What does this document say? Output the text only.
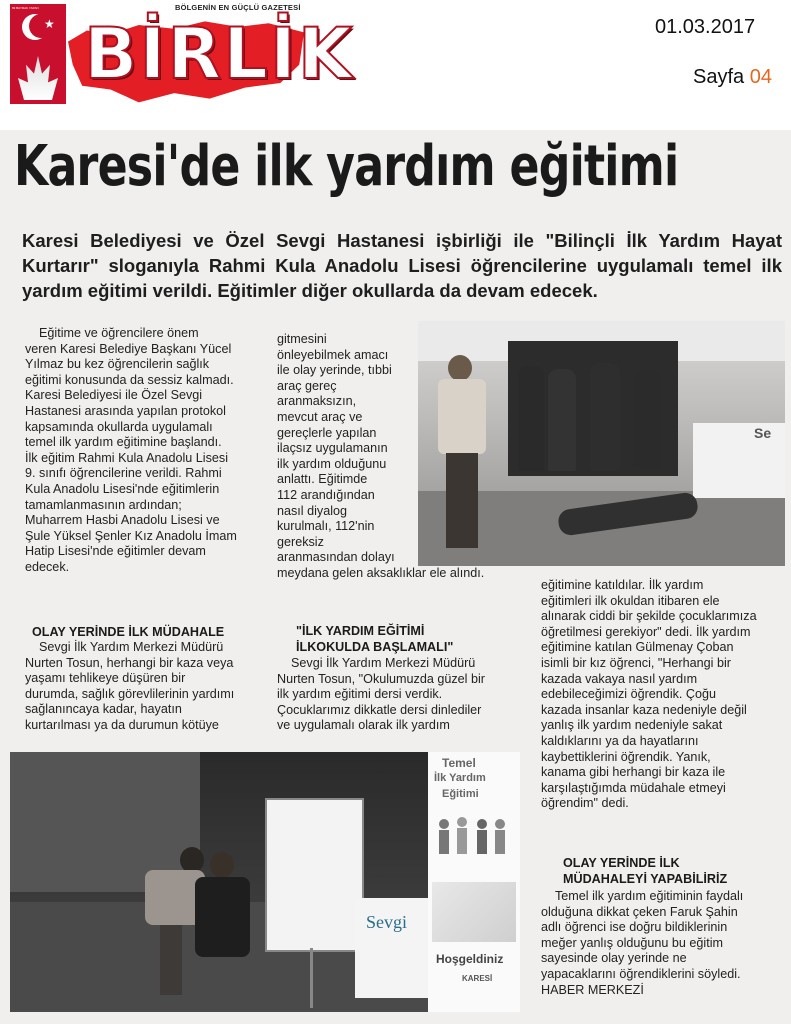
★
69 BAYRAK YAPAN	BÖLGENİN EN GÜÇLÜ GAZETESİ
BİRLİK	01.03.2017
Sayfa 04
Karesi'de ilk yardım eğitimi
Karesi Belediyesi ve Özel Sevgi Hastanesi işbirliği ile "Bilinçli İlk Yardım Hayat Kurtarır" sloganıyla Rahmi Kula Anadolu Lisesi öğrencilerine uygulamalı temel ilk yardım eğitimi verildi. Eğitimler diğer okullarda da devam edecek.
Eğitime ve öğrencilere önem
veren Karesi Belediye Başkanı Yücel
Yılmaz bu kez öğrencilerin sağlık
eğitimi konusunda da sessiz kalmadı.
Karesi Belediyesi ile Özel Sevgi
Hastanesi arasında yapılan protokol
kapsamında okullarda uygulamalı
temel ilk yardım eğitimine başlandı.
İlk eğitim Rahmi Kula Anadolu Lisesi
9. sınıfı öğrencilerine verildi. Rahmi
Kula Anadolu Lisesi'nde eğitimlerin
tamamlanmasının ardından;
Muharrem Hasbi Anadolu Lisesi ve
Şule Yüksel Şenler Kız Anadolu İmam
Hatip Lisesi'nde eğitimler devam
edecek.
OLAY YERİNDE İLK MÜDAHALE
Sevgi İlk Yardım Merkezi Müdürü
Nurten Tosun, herhangi bir kaza veya
yaşamı tehlikeye düşüren bir
durumda, sağlık görevlilerinin yardımı
sağlanıncaya kadar, hayatın
kurtarılması ya da durumun kötüye
gitmesini
önleyebilmek amacı
ile olay yerinde, tıbbi
araç gereç
aranmaksızın,
mevcut araç ve
gereçlerle yapılan
ilaçsız uygulamanın
ilk yardım olduğunu
anlattı. Eğitimde
112 arandığından
nasıl diyalog
kurulmalı, 112'nin
gereksiz
aranmasından dolayı
meydana gelen aksaklıklar ele alındı.
"İLK YARDIM EĞİTİMİ
İLKOKULDA BAŞLAMALI"
Sevgi İlk Yardım Merkezi Müdürü
Nurten Tosun, "Okulumuzda güzel bir
ilk yardım eğitimi dersi verdik.
Çocuklarımız dikkatle dersi dinlediler
ve uygulamalı olarak ilk yardım
eğitimine katıldılar. İlk yardım
eğitimleri ilk okuldan itibaren ele
alınarak ciddi bir şekilde çocuklarımıza
öğretilmesi gerekiyor" dedi. İlk yardım
eğitimine katılan Gülmenay Çoban
isimli bir kız öğrenci, "Herhangi bir
kazada vakaya nasıl yardım
edebileceğimizi öğrendik. Çoğu
kazada insanlar kaza nedeniyle değil
yanlış ilk yardım nedeniyle sakat
kaldıklarını ya da hayatlarını
kaybettiklerini öğrendik. Yanık,
kanama gibi herhangi bir kaza ile
karşılaştığımda müdahale etmeyi
öğrendim" dedi.
OLAY YERİNDE İLK
MÜDAHALEYİ YAPABİLİRİZ
Temel ilk yardım eğitiminin faydalı
olduğuna dikkat çeken Faruk Şahin
adlı öğrenci ise doğru bildiklerinin
meğer yanlış olduğunu bu eğitim
sayesinde olay yerinde ne
yapacaklarını öğrendiklerini söyledi.
HABER MERKEZİ
Se
Sevgi
Temel
İlk Yardım
Eğitimi
Hoşgeldiniz
KARESİ
